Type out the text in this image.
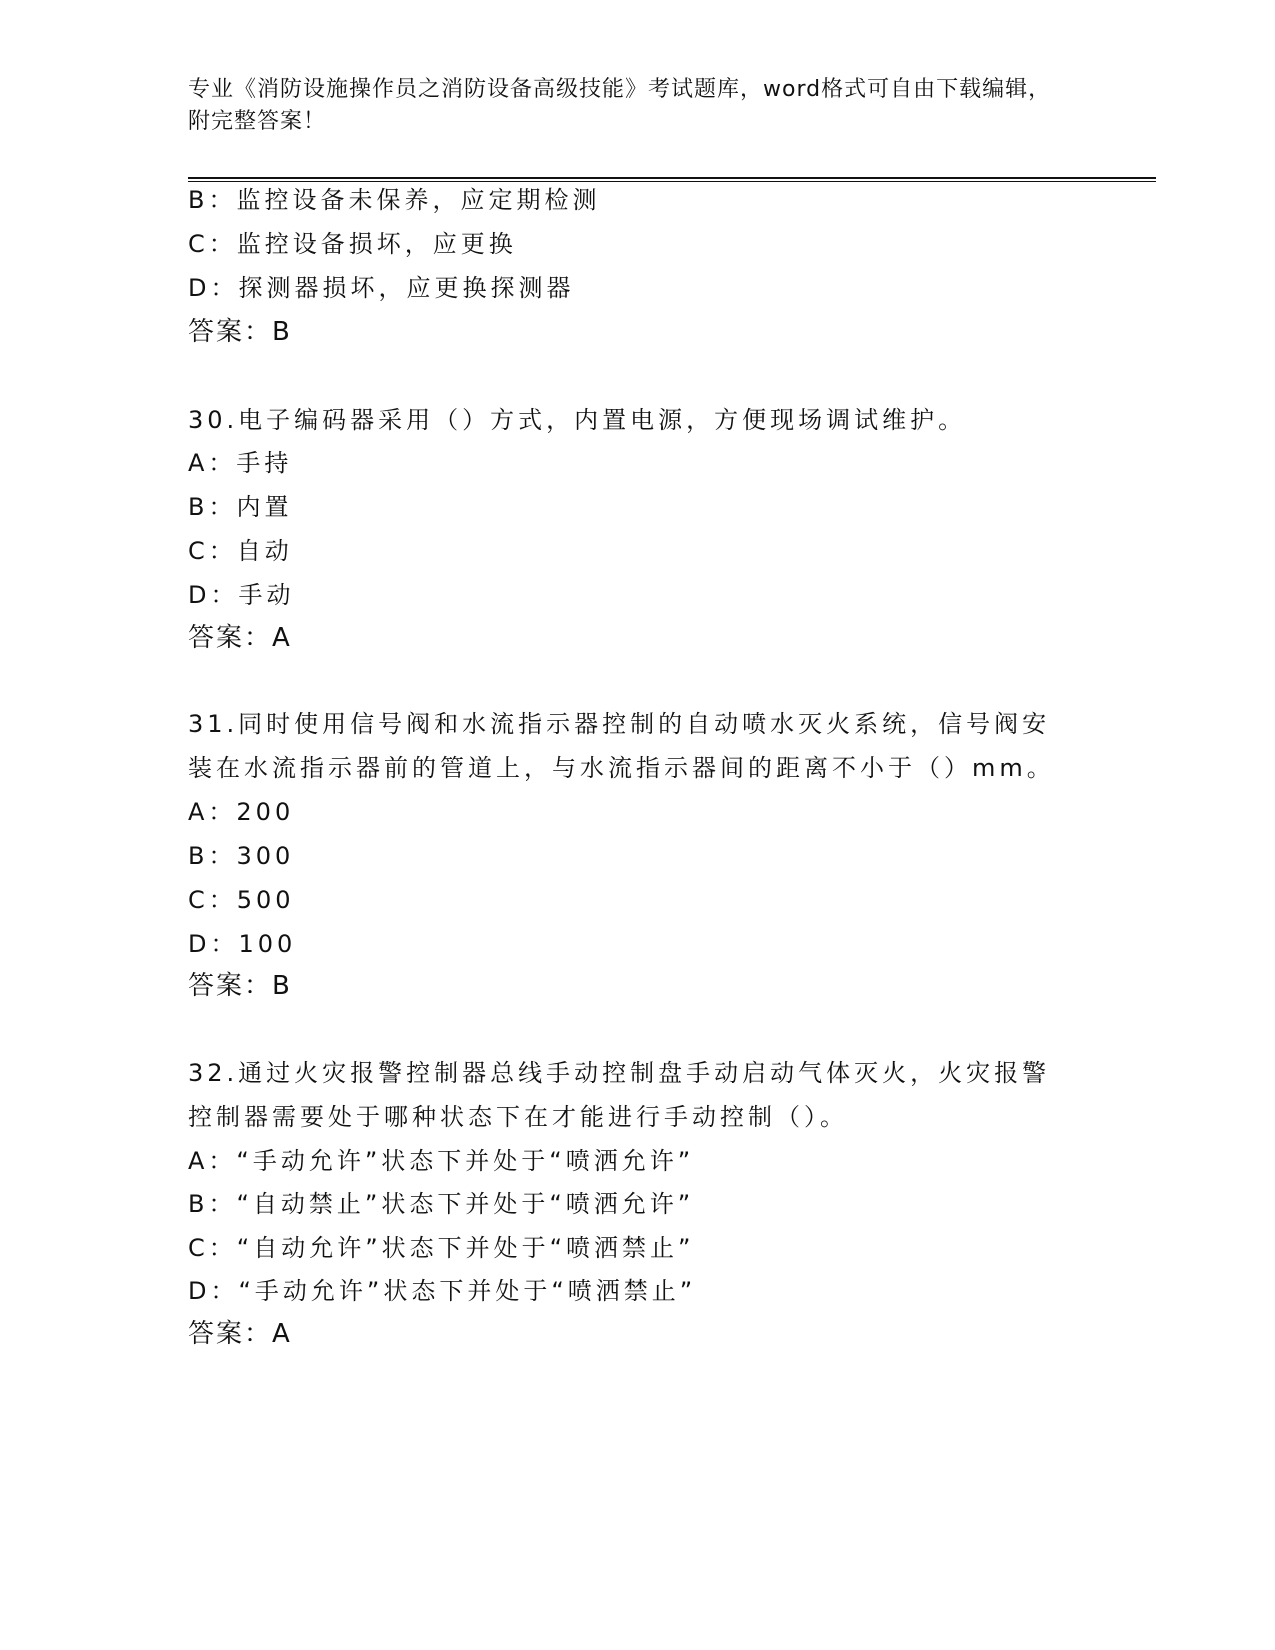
专业《消防设施操作员之消防设备高级技能》考试题库，word格式可自由下载编辑，附完整答案！
B：监控设备未保养，应定期检测
C：监控设备损坏，应更换
D：探测器损坏，应更换探测器
答案：B
30.电子编码器采用（）方式，内置电源，方便现场调试维护。
A：手持
B：内置
C：自动
D：手动
答案：A
31.同时使用信号阀和水流指示器控制的自动喷水灭火系统，信号阀安
装在水流指示器前的管道上，与水流指示器间的距离不小于（）mm。
A：200
B：300
C：500
D：100
答案：B
32.通过火灾报警控制器总线手动控制盘手动启动气体灭火，火灾报警
控制器需要处于哪种状态下在才能进行手动控制（）。
A：“手动允许”状态下并处于“喷洒允许”
B：“自动禁止”状态下并处于“喷洒允许”
C：“自动允许”状态下并处于“喷洒禁止”
D：“手动允许”状态下并处于“喷洒禁止”
答案：A
